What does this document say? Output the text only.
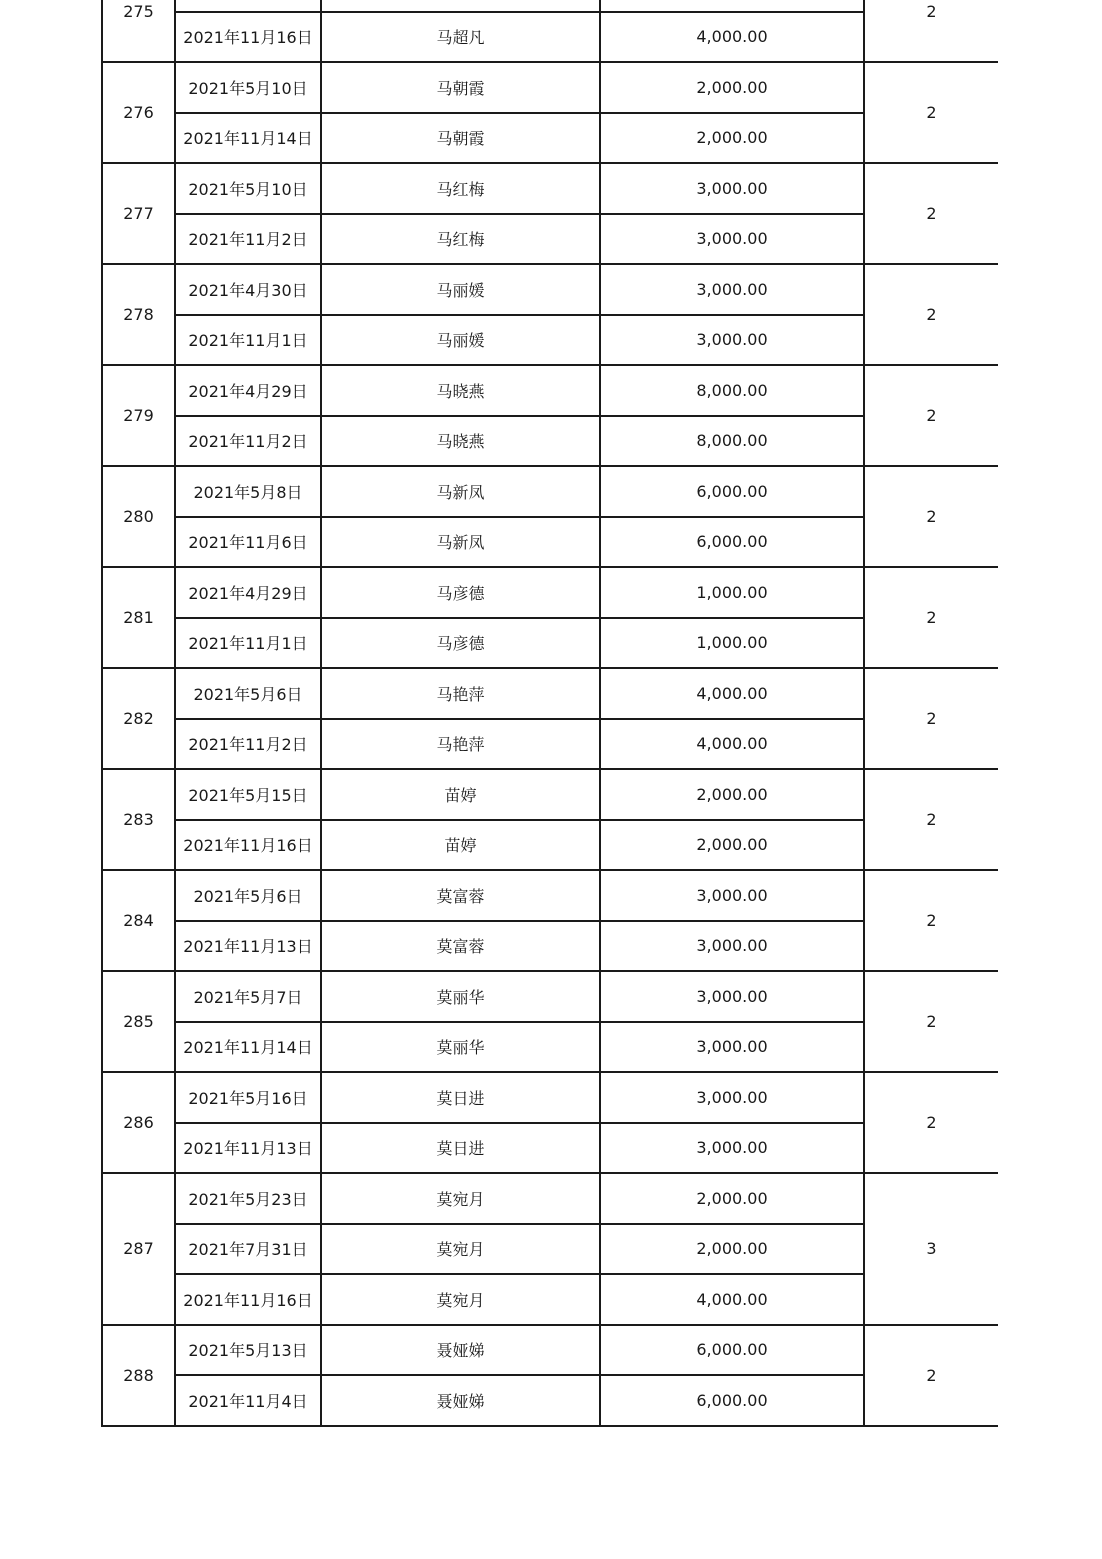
275				2
	2021年11月16日	马超凡	4,000.00	
276	2021年5月10日	马朝霞	2,000.00	2
	2021年11月14日	马朝霞	2,000.00	
277	2021年5月10日	马红梅	3,000.00	2
	2021年11月2日	马红梅	3,000.00	
278	2021年4月30日	马丽媛	3,000.00	2
	2021年11月1日	马丽媛	3,000.00	
279	2021年4月29日	马晓燕	8,000.00	2
	2021年11月2日	马晓燕	8,000.00	
280	2021年5月8日	马新凤	6,000.00	2
	2021年11月6日	马新凤	6,000.00	
281	2021年4月29日	马彦德	1,000.00	2
	2021年11月1日	马彦德	1,000.00	
282	2021年5月6日	马艳萍	4,000.00	2
	2021年11月2日	马艳萍	4,000.00	
283	2021年5月15日	苗婷	2,000.00	2
	2021年11月16日	苗婷	2,000.00	
284	2021年5月6日	莫富蓉	3,000.00	2
	2021年11月13日	莫富蓉	3,000.00	
285	2021年5月7日	莫丽华	3,000.00	2
	2021年11月14日	莫丽华	3,000.00	
286	2021年5月16日	莫日进	3,000.00	2
	2021年11月13日	莫日进	3,000.00	
287	2021年5月23日	莫宛月	2,000.00	3
	2021年7月31日	莫宛月	2,000.00	
	2021年11月16日	莫宛月	4,000.00	
288	2021年5月13日	聂娅娣	6,000.00	2
	2021年11月4日	聂娅娣	6,000.00	
